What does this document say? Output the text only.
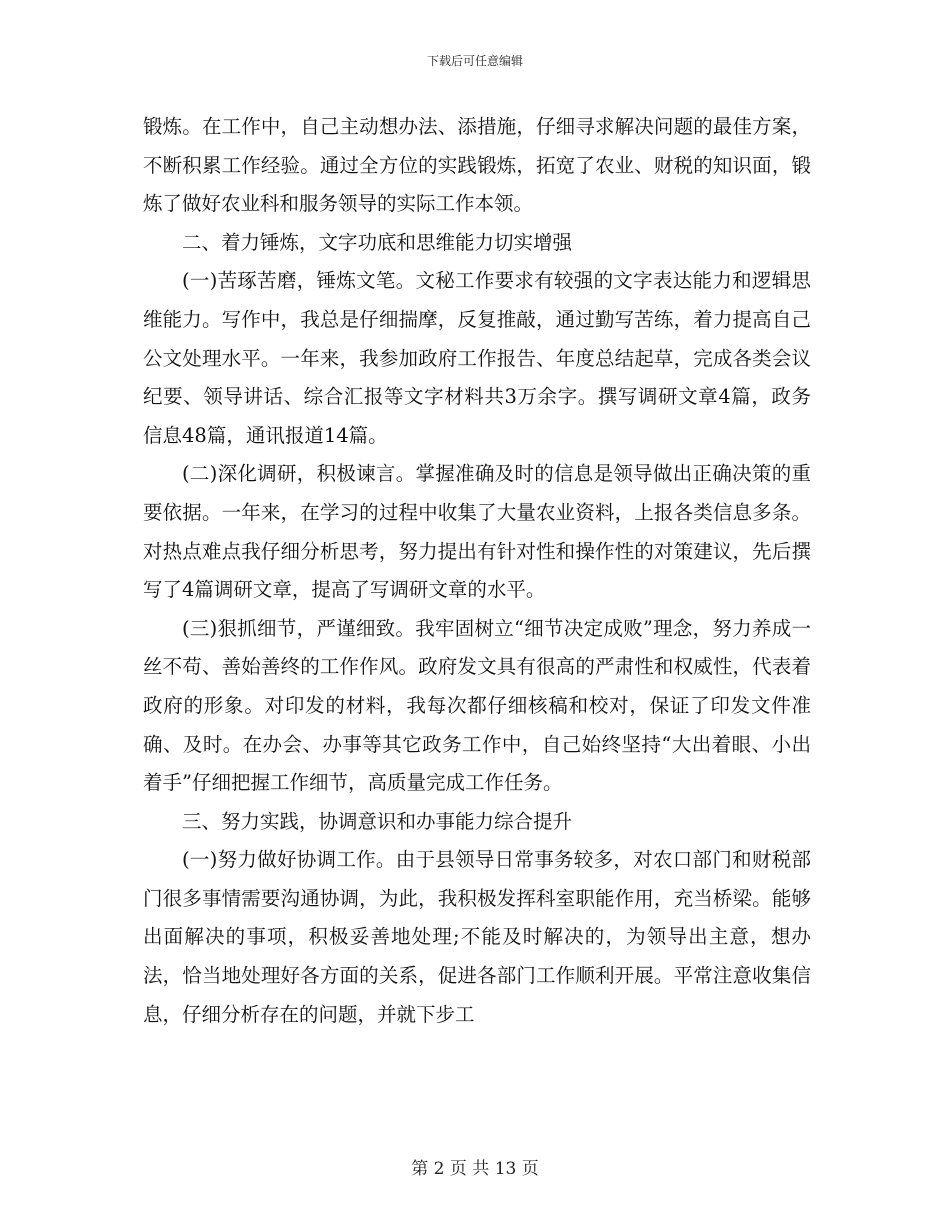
下载后可任意编辑

锻炼。在工作中，自己主动想办法、添措施，仔细寻求解决问题的最佳方案，不断积累工作经验。通过全方位的实践锻炼，拓宽了农业、财税的知识面，锻炼了做好农业科和服务领导的实际工作本领。

二、着力锤炼，文字功底和思维能力切实增强

(一)苦琢苦磨，锤炼文笔。文秘工作要求有较强的文字表达能力和逻辑思维能力。写作中，我总是仔细揣摩，反复推敲，通过勤写苦练，着力提高自己公文处理水平。一年来，我参加政府工作报告、年度总结起草，完成各类会议纪要、领导讲话、综合汇报等文字材料共3万余字。撰写调研文章4篇，政务信息48篇，通讯报道14篇。

(二)深化调研，积极谏言。掌握准确及时的信息是领导做出正确决策的重要依据。一年来，在学习的过程中收集了大量农业资料，上报各类信息多条。对热点难点我仔细分析思考，努力提出有针对性和操作性的对策建议，先后撰写了4篇调研文章，提高了写调研文章的水平。

(三)狠抓细节，严谨细致。我牢固树立“细节决定成败”理念，努力养成一丝不苟、善始善终的工作作风。政府发文具有很高的严肃性和权威性，代表着政府的形象。对印发的材料，我每次都仔细核稿和校对，保证了印发文件准确、及时。在办会、办事等其它政务工作中，自己始终坚持“大出着眼、小出着手”仔细把握工作细节，高质量完成工作任务。

三、努力实践，协调意识和办事能力综合提升

(一)努力做好协调工作。由于县领导日常事务较多，对农口部门和财税部门很多事情需要沟通协调，为此，我积极发挥科室职能作用，充当桥梁。能够出面解决的事项，积极妥善地处理;不能及时解决的，为领导出主意，想办法，恰当地处理好各方面的关系，促进各部门工作顺利开展。平常注意收集信息，仔细分析存在的问题，并就下步工

第 2 页 共 13 页
